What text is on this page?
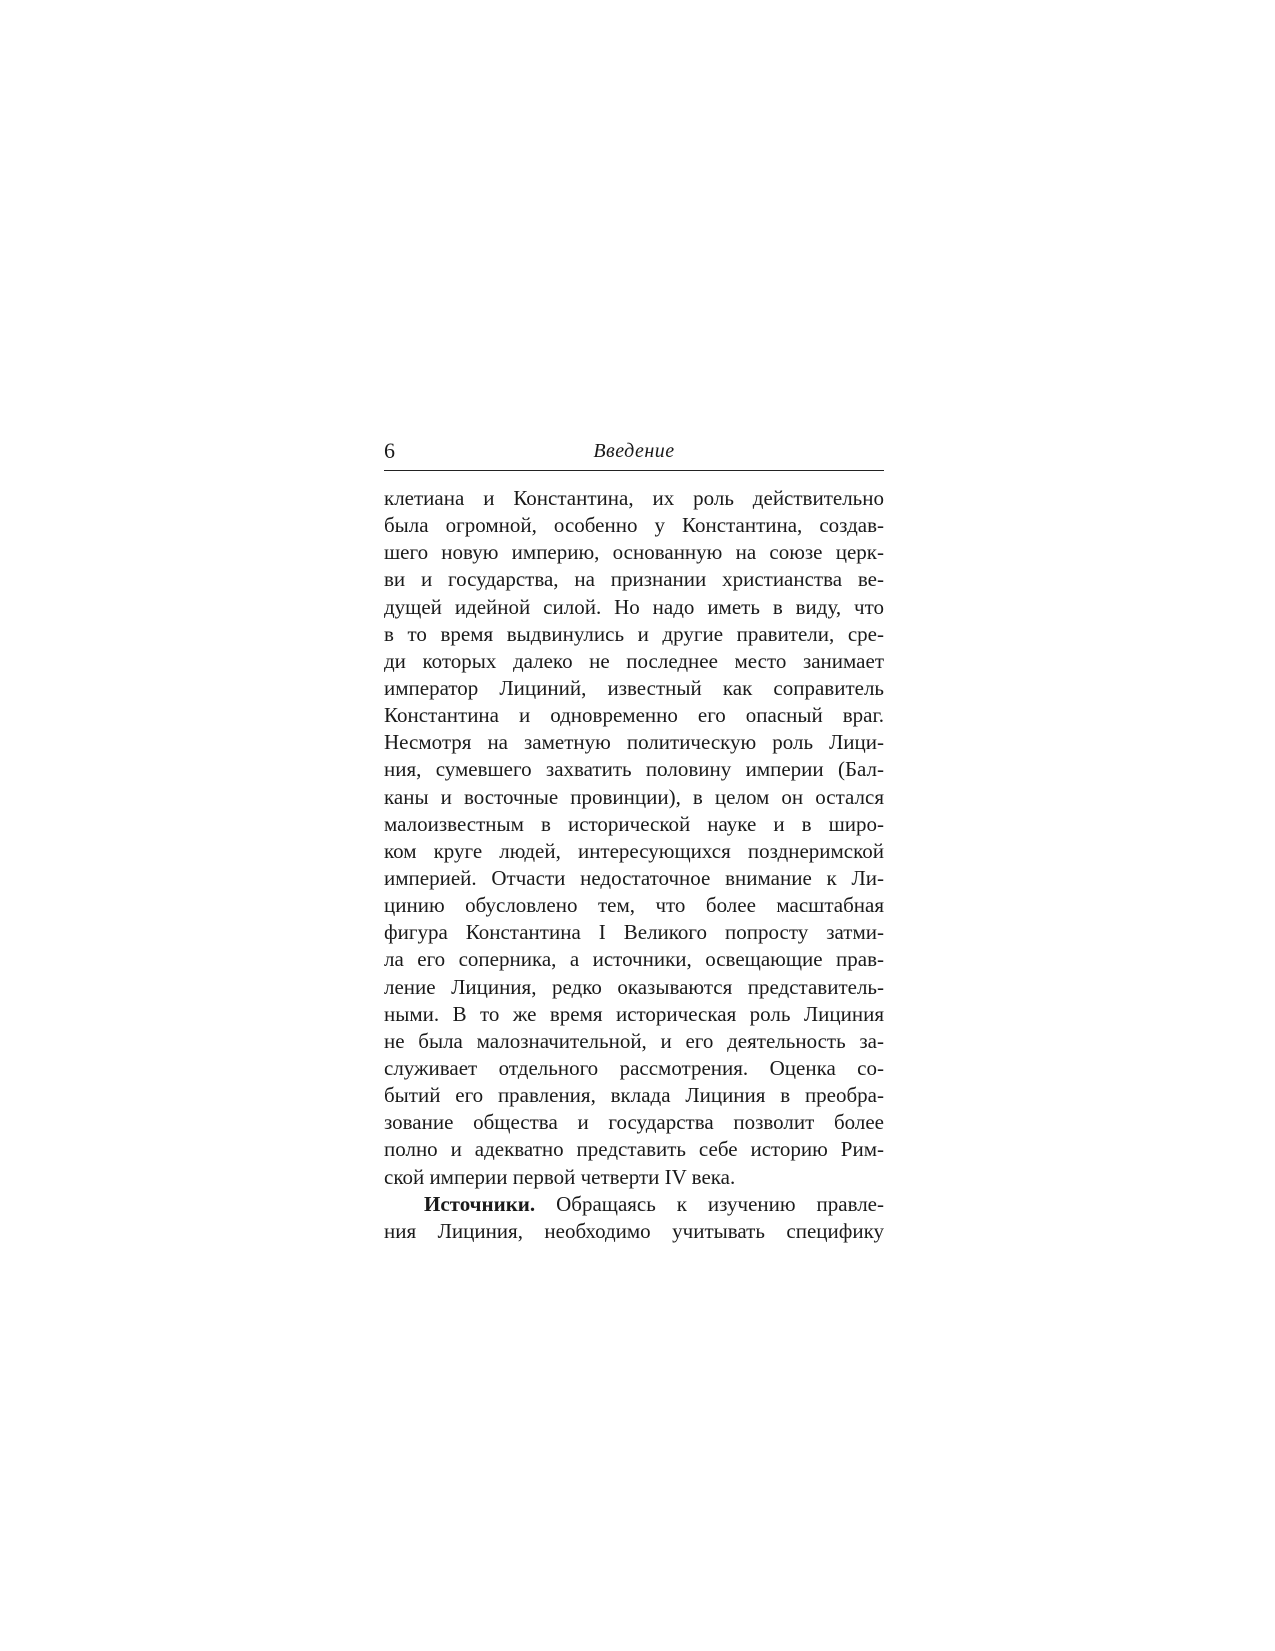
6	Введение
клетиана и Константина, их роль действительно
была огромной, особенно у Константина, создав-
шего новую империю, основанную на союзе церк-
ви и государства, на признании христианства ве-
дущей идейной силой. Но надо иметь в виду, что
в то время выдвинулись и другие правители, сре-
ди которых далеко не последнее место занимает
император Лициний, известный как соправитель
Константина и одновременно его опасный враг.
Несмотря на заметную политическую роль Лици-
ния, сумевшего захватить половину империи (Бал-
каны и восточные провинции), в целом он остался
малоизвестным в исторической науке и в широ-
ком круге людей, интересующихся позднеримской
империей. Отчасти недостаточное внимание к Ли-
цинию обусловлено тем, что более масштабная
фигура Константина I Великого попросту затми-
ла его соперника, а источники, освещающие прав-
ление Лициния, редко оказываются представитель-
ными. В то же время историческая роль Лициния
не была малозначительной, и его деятельность за-
служивает отдельного рассмотрения. Оценка со-
бытий его правления, вклада Лициния в преобра-
зование общества и государства позволит более
полно и адекватно представить себе историю Рим-
ской империи первой четверти IV века.
Источники. Обращаясь к изучению правле-
ния Лициния, необходимо учитывать специфику
